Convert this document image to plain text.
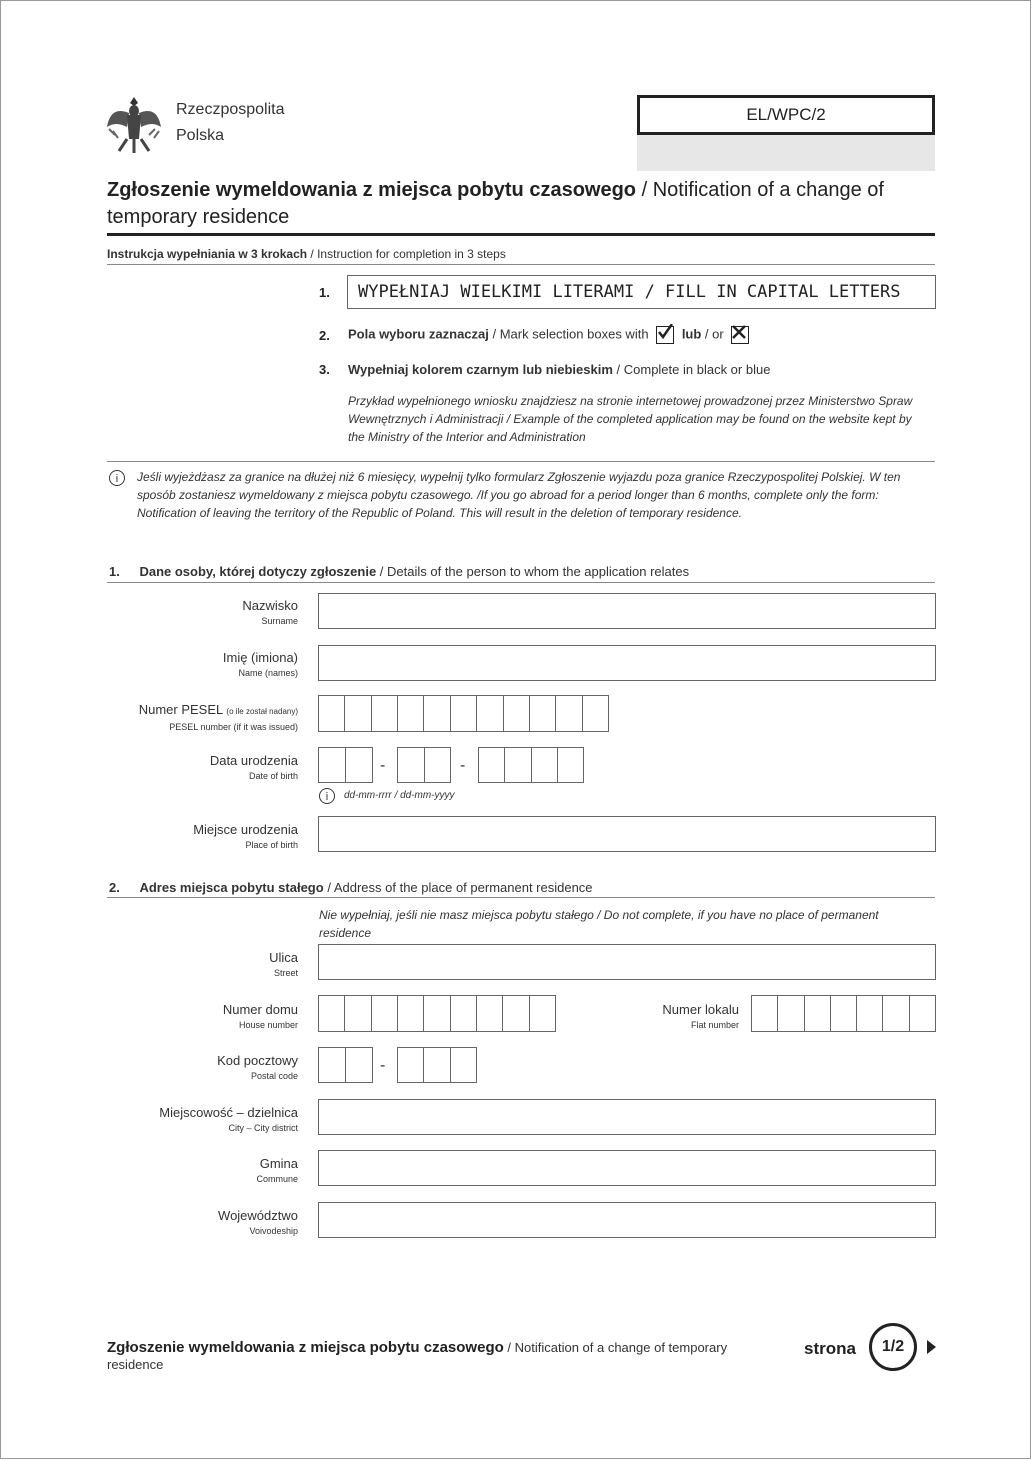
Rzeczpospolita
Polska
EL/WPC/2
Zgłoszenie wymeldowania z miejsca pobytu czasowego / Notification of a change of temporary residence
Instrukcja wypełniania w 3 krokach / Instruction for completion in 3 steps
1.	WYPEŁNIAJ WIELKIMI LITERAMI / FILL IN CAPITAL LETTERS
2. Pola wyboru zaznaczaj / Mark selection boxes with	lub / or
3. Wypełniaj kolorem czarnym lub niebieskim / Complete in black or blue
Przykład wypełnionego wniosku znajdziesz na stronie internetowej prowadzonej przez Ministerstwo Spraw Wewnętrznych i Administracji / Example of the completed application may be found on the website kept by the Ministry of the Interior and Administration
i	Jeśli wyjeżdżasz za granice na dłużej niż 6 miesięcy, wypełnij tylko formularz Zgłoszenie wyjazdu poza granice Rzeczypospolitej Polskiej. W ten sposób zostaniesz wymeldowany z miejsca pobytu czasowego. /If you go abroad for a period longer than 6 months, complete only the form: Notification of leaving the territory of the Republic of Poland. This will result in the deletion of temporary residence.
1. Dane osoby, której dotyczy zgłoszenie / Details of the person to whom the application relates
Nazwisko
Surname
Imię (imiona)
Name (names)
Numer PESEL (o ile został nadany)
PESEL number (if it was issued)
Data urodzenia
Date of birth
-	-
i	dd-mm-rrrr / dd-mm-yyyy
Miejsce urodzenia
Place of birth
2. Adres miejsca pobytu stałego / Address of the place of permanent residence
Nie wypełniaj, jeśli nie masz miejsca pobytu stałego / Do not complete, if you have no place of permanent residence
Ulica
Street
Numer domu
House number
Numer lokalu
Flat number
Kod pocztowy
Postal code
-
Miejscowość – dzielnica
City – City district
Gmina
Commune
Województwo
Voivodeship
Zgłoszenie wymeldowania z miejsca pobytu czasowego / Notification of a change of temporary residence
strona	1/2
